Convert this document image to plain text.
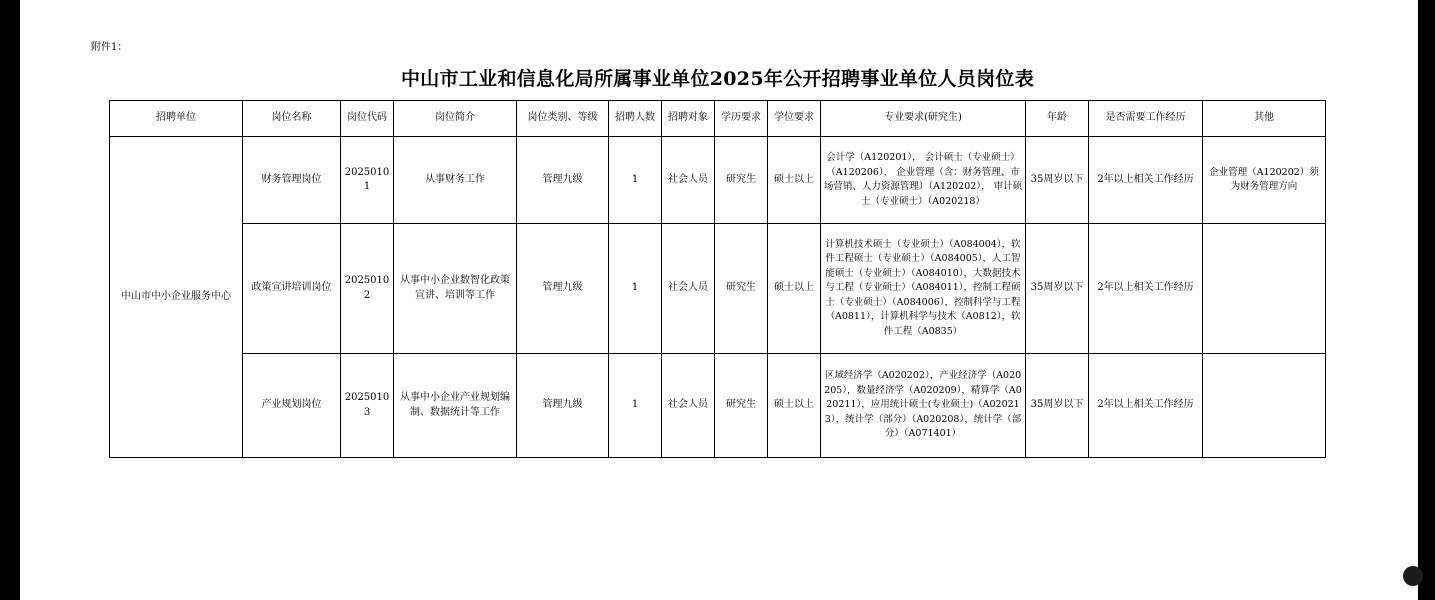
附件1：
中山市工业和信息化局所属事业单位2025年公开招聘事业单位人员岗位表
招聘单位	岗位名称	岗位代码	岗位简介	岗位类别、等级	招聘人数	招聘对象	学历要求	学位要求	专业要求(研究生)	年龄	是否需要工作经历	其他
中山市中小企业服务中心	财务管理岗位	20250101	从事财务工作	管理九级	1	社会人员	研究生	硕士以上	会计学（A120201）， 会计硕士（专业硕士）（A120206）， 企业管理（含：财务管理、市场营销、人力资源管理）（A120202）， 审计硕士（专业硕士）（A020218）	35周岁以下	2年以上相关工作经历	企业管理（A120202）须为财务管理方向
	政策宣讲培训岗位	20250102	从事中小企业数智化政策宣讲、培训等工作	管理九级	1	社会人员	研究生	硕士以上	计算机技术硕士（专业硕士）（A084004），软件工程硕士（专业硕士）（A084005），人工智能硕士（专业硕士）（A084010），大数据技术与工程（专业硕士）（A084011），控制工程硕士（专业硕士）（A084006），控制科学与工程（A0811），计算机科学与技术（A0812），软件工程（A0835）	35周岁以下	2年以上相关工作经历	
	产业规划岗位	20250103	从事中小企业产业规划编制、数据统计等工作	管理九级	1	社会人员	研究生	硕士以上	区域经济学（A020202），产业经济学（A020205），数量经济学（A020209），精算学（A020211），应用统计硕士(专业硕士)（A020213），统计学（部分）（A020208），统计学（部分）（A071401）	35周岁以下	2年以上相关工作经历	
